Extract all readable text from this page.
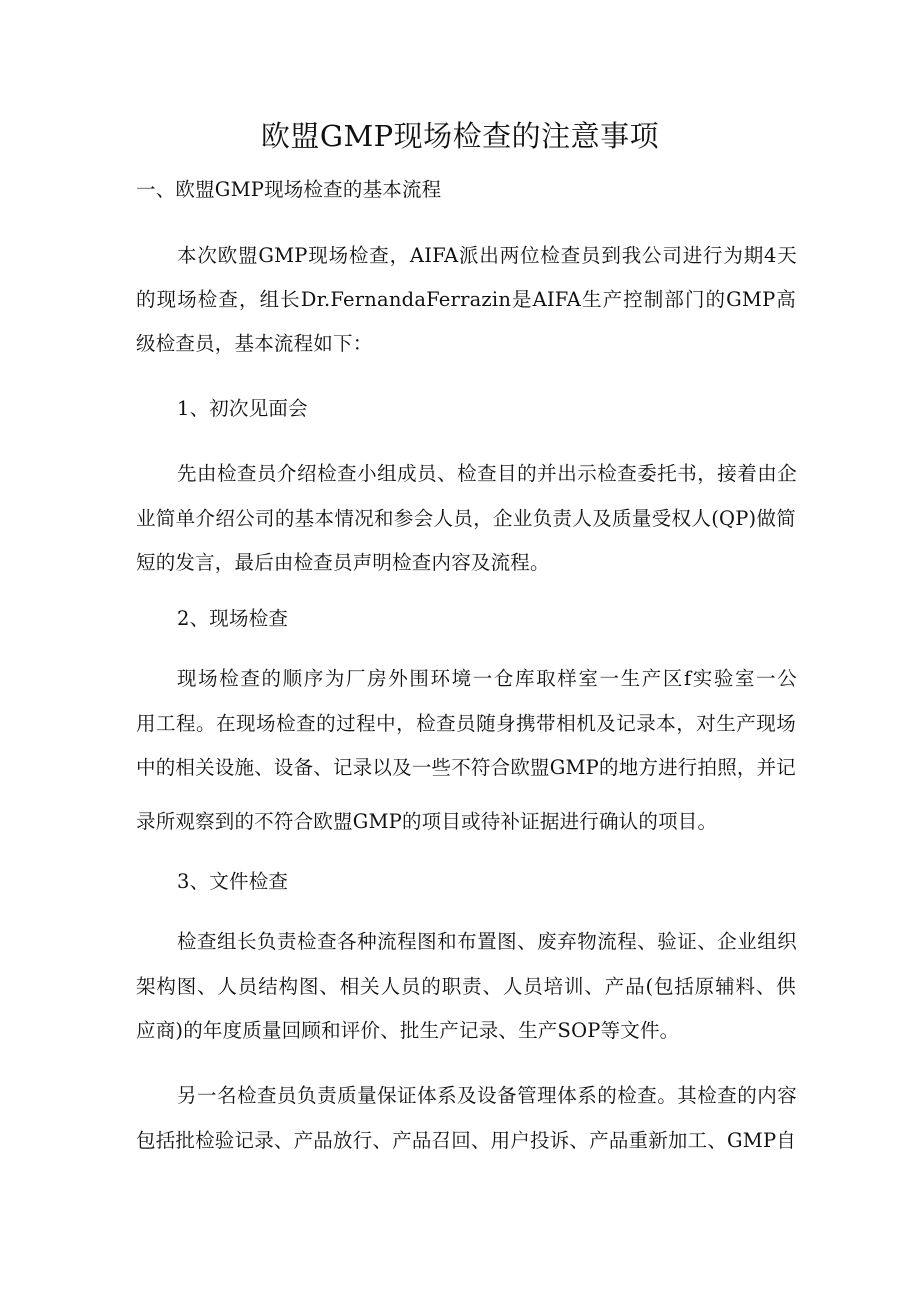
欧盟GMP现场检查的注意事项
一、欧盟GMP现场检查的基本流程
本次欧盟GMP现场检查，AIFA派出两位检查员到我公司进行为期4天
的现场检查，组长Dr.FernandaFerrazin是AIFA生产控制部门的GMP高
级检查员，基本流程如下：
1、初次见面会
先由检查员介绍检查小组成员、检查目的并出示检查委托书，接着由企
业简单介绍公司的基本情况和参会人员，企业负责人及质量受权人(QP)做简
短的发言，最后由检查员声明检查内容及流程。
2、现场检查
现场检查的顺序为厂房外围环境一仓库取样室一生产区f实验室一公
用工程。在现场检查的过程中，检查员随身携带相机及记录本，对生产现场
中的相关设施、设备、记录以及一些不符合欧盟GMP的地方进行拍照，并记
录所观察到的不符合欧盟GMP的项目或待补证据进行确认的项目。
3、文件检查
检查组长负责检查各种流程图和布置图、废弃物流程、验证、企业组织
架构图、人员结构图、相关人员的职责、人员培训、产品(包括原辅料、供
应商)的年度质量回顾和评价、批生产记录、生产SOP等文件。
另一名检查员负责质量保证体系及设备管理体系的检查。其检查的内容
包括批检验记录、产品放行、产品召回、用户投诉、产品重新加工、GMP自
